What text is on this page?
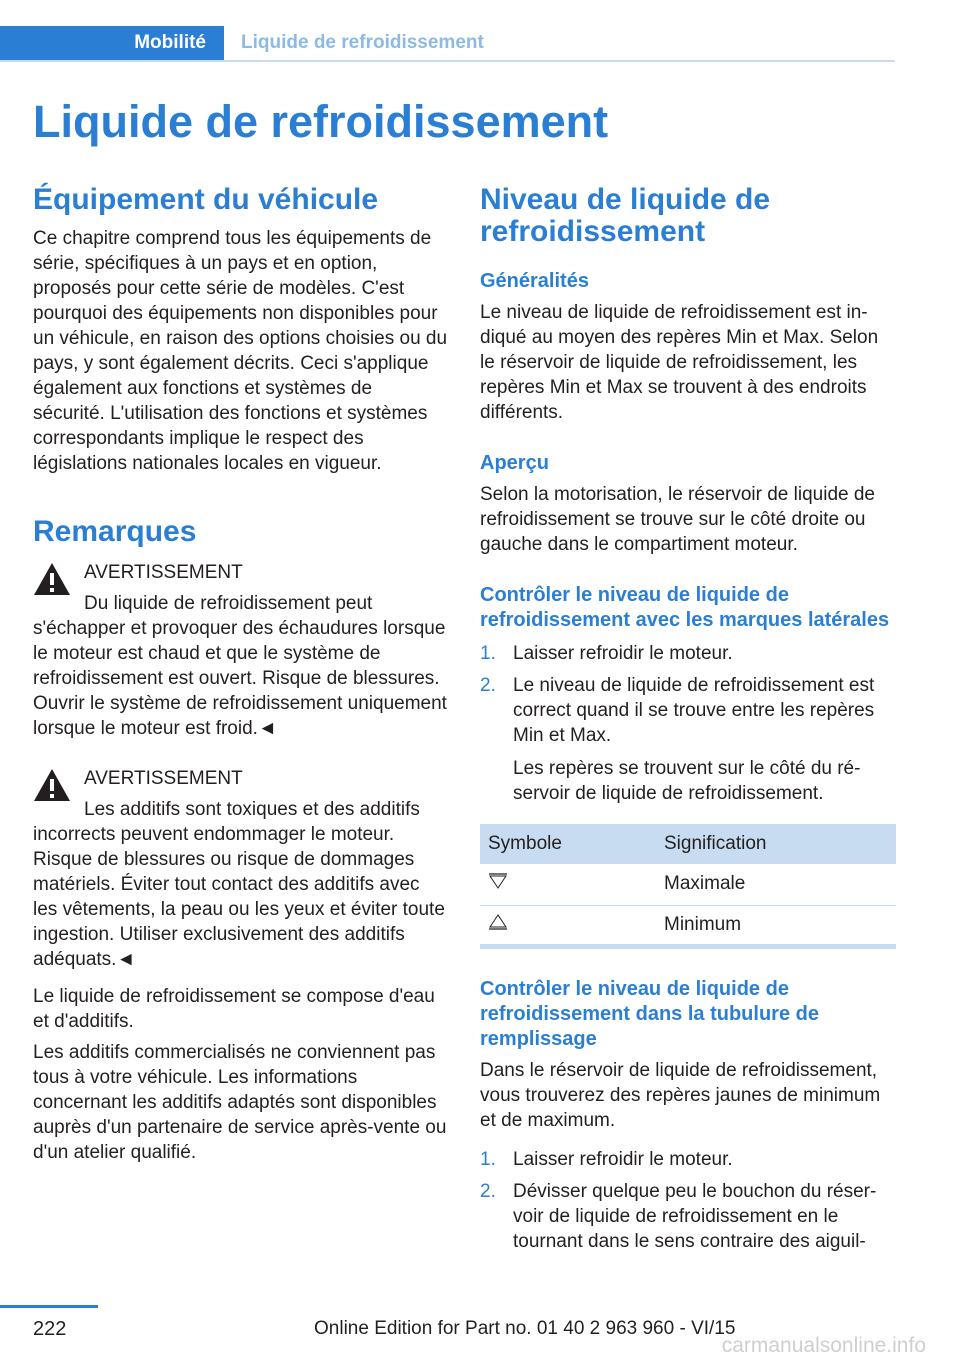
Mobilité	Liquide de refroidissement
Liquide de refroidissement
Équipement du véhicule

Ce chapitre comprend tous les équipements de série, spécifiques à un pays et en option, proposés pour cette série de modèles. C'est pourquoi des équipements non disponibles pour un véhicule, en raison des options choisies ou du pays, y sont également décrits. Ceci s'applique également aux fonctions et systèmes de sécurité. L'utilisation des fonctions et systèmes correspondants implique le respect des législations nationales locales en vigueur.

Remarques
AVERTISSEMENT
Du liquide de refroidissement peut s'échapper et provoquer des échaudures lorsque le moteur est chaud et que le système de refroidissement est ouvert. Risque de blessures. Ouvrir le système de refroidissement uniquement lorsque le moteur est froid.◄
AVERTISSEMENT
Les additifs sont toxiques et des additifs incorrects peuvent endommager le moteur. Risque de blessures ou risque de dommages matériels. Éviter tout contact des additifs avec les vêtements, la peau ou les yeux et éviter toute ingestion. Utiliser exclusivement des additifs adéquats.◄

Le liquide de refroidissement se compose d'eau et d'additifs.

Les additifs commercialisés ne conviennent pas tous à votre véhicule. Les informations concernant les additifs adaptés sont disponibles auprès d'un partenaire de service après-vente ou d'un atelier qualifié.

Niveau de liquide de refroidissement
Généralités

Le niveau de liquide de refroidissement est indiqué au moyen des repères Min et Max. Selon le réservoir de liquide de refroidissement, les repères Min et Max se trouvent à des endroits différents.

Aperçu

Selon la motorisation, le réservoir de liquide de refroidissement se trouve sur le côté droite ou gauche dans le compartiment moteur.

Contrôler le niveau de liquide de refroidissement avec les marques latérales
1. Laisser refroidir le moteur.
2. Le niveau de liquide de refroidissement est correct quand il se trouve entre les repères Min et Max.
Les repères se trouvent sur le côté du réservoir de liquide de refroidissement.
Symbole	Signification
	Maximale
	Minimum
Contrôler le niveau de liquide de refroidissement dans la tubulure de remplissage

Dans le réservoir de liquide de refroidissement, vous trouverez des repères jaunes de minimum et de maximum.

1. Laisser refroidir le moteur.
2. Dévisser quelque peu le bouchon du réservoir de liquide de refroidissement en le tournant dans le sens contraire des aiguil-
222	Online Edition for Part no. 01 40 2 963 960 - VI/15
carmanualsonline.info
